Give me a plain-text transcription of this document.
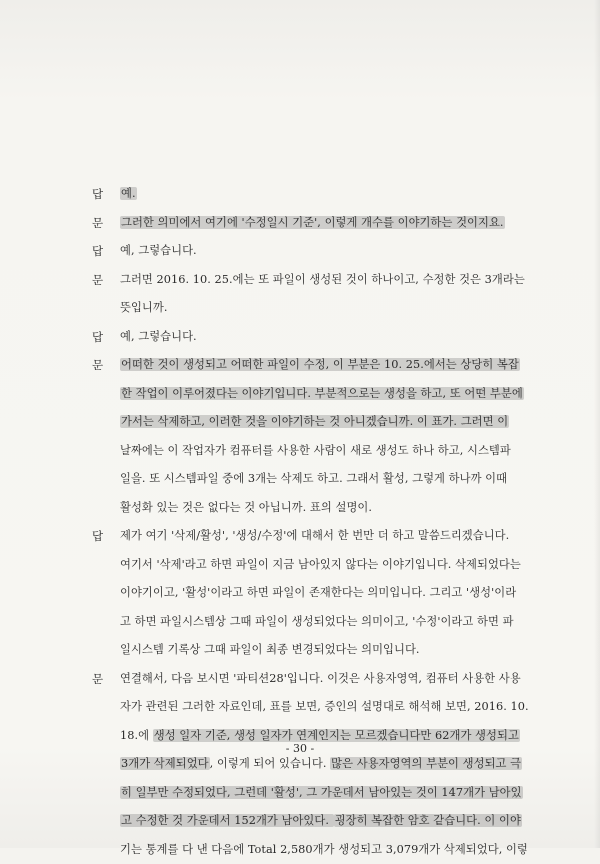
답	예.
문	그러한 의미에서 여기에 '수정일시 기준', 이렇게 개수를 이야기하는 것이지요.
답	예, 그렇습니다.
문	그러면 2016. 10. 25.에는 또 파일이 생성된 것이 하나이고, 수정한 것은 3개라는
뜻입니까.
답	예, 그렇습니다.
문	어떠한 것이 생성되고 어떠한 파일이 수정, 이 부분은 10. 25.에서는 상당히 복잡
한 작업이 이루어졌다는 이야기입니다. 부분적으로는 생성을 하고, 또 어떤 부분에
가서는 삭제하고, 이러한 것을 이야기하는 것 아니겠습니까. 이 표가. 그러면 이
날짜에는 이 작업자가 컴퓨터를 사용한 사람이 새로 생성도 하나 하고, 시스템파
일을. 또 시스템파일 중에 3개는 삭제도 하고. 그래서 활성, 그렇게 하나까 이때
활성화 있는 것은 없다는 것 아닙니까. 표의 설명이.
답	제가 여기 '삭제/활성', '생성/수정'에 대해서 한 번만 더 하고 말씀드리겠습니다.
여기서 '삭제'라고 하면 파일이 지금 남아있지 않다는 이야기입니다. 삭제되었다는
이야기이고, '활성'이라고 하면 파일이 존재한다는 의미입니다. 그리고 '생성'이라
고 하면 파일시스템상 그때 파일이 생성되었다는 의미이고, '수정'이라고 하면 파
일시스템 기록상 그때 파일이 최종 변경되었다는 의미입니다.
문	연결해서, 다음 보시면 '파티션28'입니다. 이것은 사용자영역, 컴퓨터 사용한 사용
자가 관련된 그러한 자료인데, 표를 보면, 증인의 설명대로 해석해 보면, 2016. 10.
18.에 생성 일자 기준, 생성 일자가 연계인지는 모르겠습니다만 62개가 생성되고
3개가 삭제되었다, 이렇게 되어 있습니다. 많은 사용자영역의 부분이 생성되고 극
히 일부만 수정되었다, 그런데 '활성', 그 가운데서 남아있는 것이 147개가 남아있
고 수정한 것 가운데서 152개가 남아있다. 굉장히 복잡한 암호 같습니다. 이 이야
기는 통계를 다 낸 다음에 Total 2,580개가 생성되고 3,079개가 삭제되었다, 이렇
- 30 -
